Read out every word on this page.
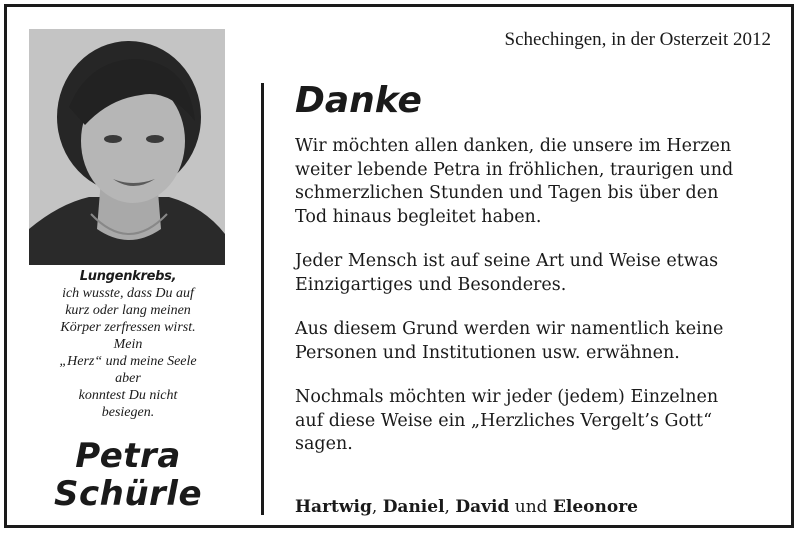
Lungenkrebs,
ich wusste, dass Du auf
kurz oder lang meinen
Körper zerfressen wirst.
Mein
„Herz“ und meine Seele
aber
konntest Du nicht
besiegen.
Petra
Schürle
Schechingen, in der Osterzeit 2012
Danke
Wir möchten allen danken, die unsere im Herzen
weiter lebende Petra in fröhlichen, traurigen und
schmerzlichen Stunden und Tagen bis über den
Tod hinaus begleitet haben.
Jeder Mensch ist auf seine Art und Weise etwas
Einzigartiges und Besonderes.
Aus diesem Grund werden wir namentlich keine
Personen und Institutionen usw. erwähnen.
Nochmals möchten wir jeder (jedem) Einzelnen
auf diese Weise ein „Herzliches Vergelt’s Gott“
sagen.
Hartwig, Daniel, David und Eleonore
